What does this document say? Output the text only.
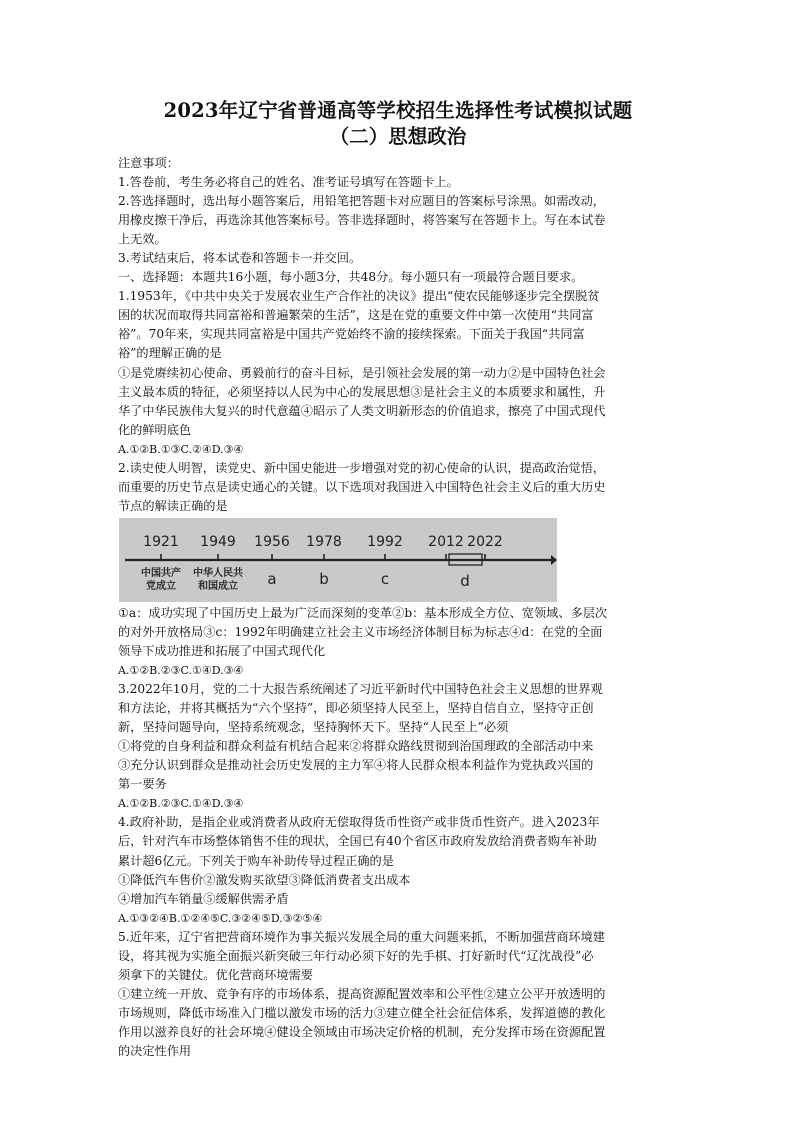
2023年辽宁省普通高等学校招生选择性考试模拟试题
（二）思想政治
注意事项：
1.答卷前，考生务必将自己的姓名、准考证号填写在答题卡上。
2.答选择题时，选出每小题答案后，用铅笔把答题卡对应题目的答案标号涂黑。如需改动，
用橡皮擦干净后，再选涂其他答案标号。答非选择题时，将答案写在答题卡上。写在本试卷
上无效。
3.考试结束后，将本试卷和答题卡一并交回。
一、选择题：本题共16小题，每小题3分，共48分。每小题只有一项最符合题目要求。
1.1953年，《中共中央关于发展农业生产合作社的决议》提出“使农民能够逐步完全摆脱贫
困的状况而取得共同富裕和普遍繁荣的生活”，这是在党的重要文件中第一次使用“共同富
裕”。70年来，实现共同富裕是中国共产党始终不渝的接续探索。下面关于我国“共同富
裕”的理解正确的是
①是党赓续初心使命、勇毅前行的奋斗目标，是引领社会发展的第一动力②是中国特色社会
主义最本质的特征，必须坚持以人民为中心的发展思想③是社会主义的本质要求和属性，升
华了中华民族伟大复兴的时代意蕴④昭示了人类文明新形态的价值追求，擦亮了中国式现代
化的鲜明底色
A.①②B.①③C.②④D.③④
2.读史使人明智，读党史、新中国史能进一步增强对党的初心使命的认识，提高政治觉悟，
而重要的历史节点是读史通心的关键。以下选项对我国进入中国特色社会主义后的重大历史
节点的解读正确的是
1921 1949 1956 1978 1992 2012 2022
中国共产
党成立
中华人民共
和国成立 a	b	c	d
①a：成功实现了中国历史上最为广泛而深刻的变革②b：基本形成全方位、宽领域、多层次
的对外开放格局③c：1992年明确建立社会主义市场经济体制目标为标志④d：在党的全面
领导下成功推进和拓展了中国式现代化
A.①②B.②③C.①④D.③④
3.2022年10月，党的二十大报告系统阐述了习近平新时代中国特色社会主义思想的世界观
和方法论，并将其概括为“六个坚持”，即必须坚持人民至上，坚持自信自立，坚持守正创
新，坚持问题导向，坚持系统观念，坚持胸怀天下。坚持“人民至上”必须
①将党的自身利益和群众利益有机结合起来②将群众路线贯彻到治国理政的全部活动中来
③充分认识到群众是推动社会历史发展的主力军④将人民群众根本利益作为党执政兴国的
第一要务
A.①②B.②③C.①④D.③④
4.政府补助，是指企业或消费者从政府无偿取得货币性资产或非货币性资产。进入2023年
后，针对汽车市场整体销售不佳的现状，全国已有40个省区市政府发放给消费者购车补助
累计超6亿元。下列关于购车补助传导过程正确的是
①降低汽车售价②激发购买欲望③降低消费者支出成本
④增加汽车销量⑤缓解供需矛盾
A.①③②④B.①②④⑤C.③②④⑤D.③②⑤④
5.近年来，辽宁省把营商环境作为事关振兴发展全局的重大问题来抓，不断加强营商环境建
设，将其视为实施全面振兴新突破三年行动必须下好的先手棋、打好新时代“辽沈战役”必
须拿下的关键仗。优化营商环境需要
①建立统一开放、竞争有序的市场体系，提高资源配置效率和公平性②建立公平开放透明的
市场规则，降低市场准入门槛以激发市场的活力③建立健全社会征信体系，发挥道德的教化
作用以滋养良好的社会环境④健设全领域由市场决定价格的机制，充分发挥市场在资源配置
的决定性作用
